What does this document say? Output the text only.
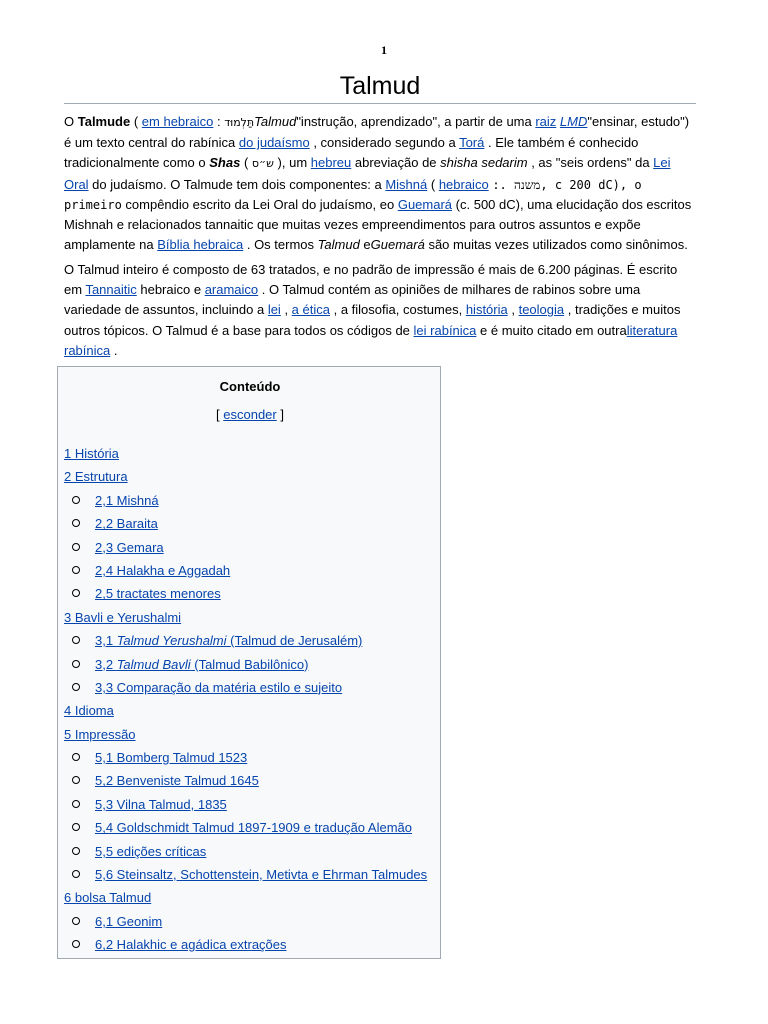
1
Talmud
O Talmude ( em hebraico : תַּלְמוּדTalmud"instrução, aprendizado", a partir de uma raiz LMD"ensinar, estudo") é um texto central do rabínica do judaísmo , considerado segundo a Torá . Ele também é conhecido tradicionalmente como o Shas ( ש״ס ), um hebreu abreviação de shisha sedarim , as "seis ordens" da Lei Oral do judaísmo. O Talmude tem dois componentes: a Mishná ( hebraico :. משנה, c 200 dC), o primeiro compêndio escrito da Lei Oral do judaísmo, eo Guemará (c. 500 dC), uma elucidação dos escritos Mishnah e relacionados tannaitic que muitas vezes empreendimentos para outros assuntos e expõe amplamente na Bíblia hebraica . Os termos Talmud eGuemará são muitas vezes utilizados como sinônimos.
O Talmud inteiro é composto de 63 tratados, e no padrão de impressão é mais de 6.200 páginas. É escrito em Tannaitic hebraico e aramaico . O Talmud contém as opiniões de milhares de rabinos sobre uma variedade de assuntos, incluindo a lei , a ética , a filosofia, costumes, história , teologia , tradições e muitos outros tópicos. O Talmud é a base para todos os códigos de lei rabínica e é muito citado em outraliteratura rabínica .
Conteúdo
[ esconder ]
1 História
2 Estrutura
2,1 Mishná
2,2 Baraita
2,3 Gemara
2,4 Halakha e Aggadah
2,5 tractates menores
3 Bavli e Yerushalmi
3,1 Talmud Yerushalmi (Talmud de Jerusalém)
3,2 Talmud Bavli (Talmud Babilônico)
3,3 Comparação da matéria estilo e sujeito
4 Idioma
5 Impressão
5,1 Bomberg Talmud 1523
5,2 Benveniste Talmud 1645
5,3 Vilna Talmud, 1835
5,4 Goldschmidt Talmud 1897-1909 e tradução Alemão
5,5 edições críticas
5,6 Steinsaltz, Schottenstein, Metivta e Ehrman Talmudes
6 bolsa Talmud
6,1 Geonim
6,2 Halakhic e agádica extrações
